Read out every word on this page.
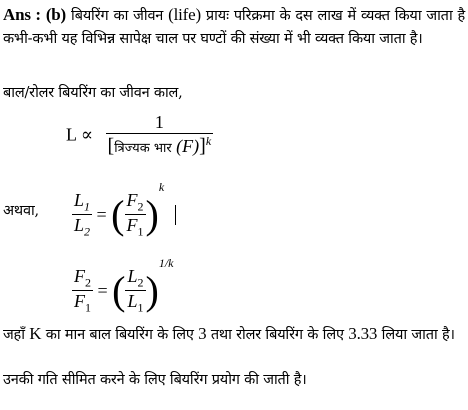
Ans : (b) बियरिंग का जीवन (life) प्रायः परिक्रमा के दस लाख में व्यक्त किया जाता है कभी-कभी यह विभिन्न सापेक्ष चाल पर घण्टों की संख्या में भी व्यक्त किया जाता है।
बाल/रोलर बियरिंग का जीवन काल,
$L \propto \frac{1}{[त्रिज्यक भार (F)]^k}$
अथवा, $\frac{L_1}{L_2}$ = ( $\frac{F_2}{F_1} )^k$
$\frac{F_2}{F_1}$ = ( $\frac{L_2}{L_1} )^{1/k}$
जहाँ K का मान बाल बियरिंग के लिए 3 तथा रोलर बियरिंग के लिए 3.33 लिया जाता है।
उनकी गति सीमित करने के लिए बियरिंग प्रयोग की जाती है।
